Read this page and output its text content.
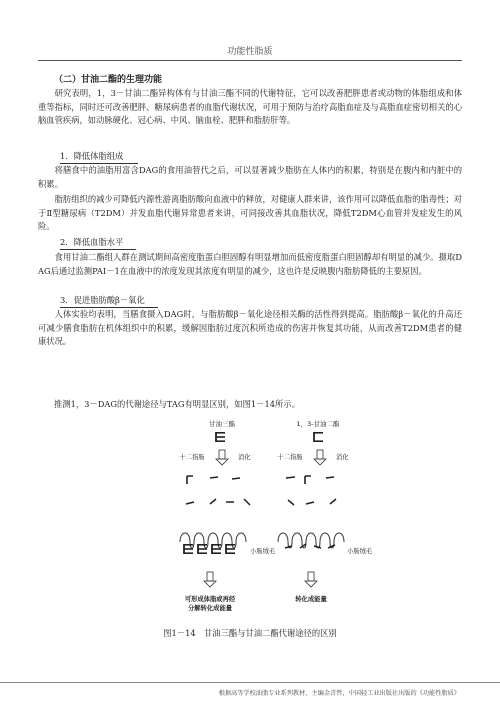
功能性脂质
（二）甘油二酯的生理功能

研究表明，1，3－甘油二酯异构体有与甘油三酯不同的代谢特征，它可以改善肥胖患者或动物的体脂组成和体重等指标，同时还可改善肥胖、糖尿病患者的血脂代谢状况，可用于预防与治疗高脂血症及与高脂血症密切相关的心脑血管疾病，如动脉硬化、冠心病、中风、脑血栓、肥胖和脂肪肝等。

1．降低体脂组成

将膳食中的油脂用富含DAG的食用油替代之后，可以显著减少脂肪在人体内的积累，特别是在腹内和内脏中的积累。

脂肪组织的减少可降低内源性游离脂肪酸向血液中的释放，对健康人群来讲，该作用可以降低血脂的脂毒性；对于Ⅱ型糖尿病（T2DM）并发血脂代谢异常患者来讲，可同接改善其血脂状况，降低T2DM心血管并发症发生的风险。

2．降低血脂水平

食用甘油二酯组人群在测试期间高密度脂蛋白胆固醇有明显增加而低密度脂蛋白胆固醇却有明显的减少。摄取DAG后通过监测PAI－1在血液中的浓度发现其浓度有明显的减少，这也许是反映腹内脂肪降低的主要原因。

3．促进脂肪酸β－氧化

人体实验均表明，当膳食摄入DAG时，与脂肪酸β－氧化途径相关酶的活性得到提高。脂肪酸β－氧化的升高还可减少膳食脂肪在机体组织中的积累，缓解因脂肪过度沉积所造成的伤害并恢复其功能，从而改善T2DM患者的健康状况。

推测1，3－DAG的代谢途径与TAG有明显区别，如图1－14所示。
甘油三酯
十二指肠	消化
小肠绒毛
可形成体脂或再经
分解转化成能量
1，3-甘油二酯
十二指肠	消化
小肠绒毛
转化成能量
图1－14　甘油三酯与甘油二酯代谢途径的区别
根据高等学校油脂专业系列教材，主编金青哲，中国轻工业出版社出版的《功能性脂质》
